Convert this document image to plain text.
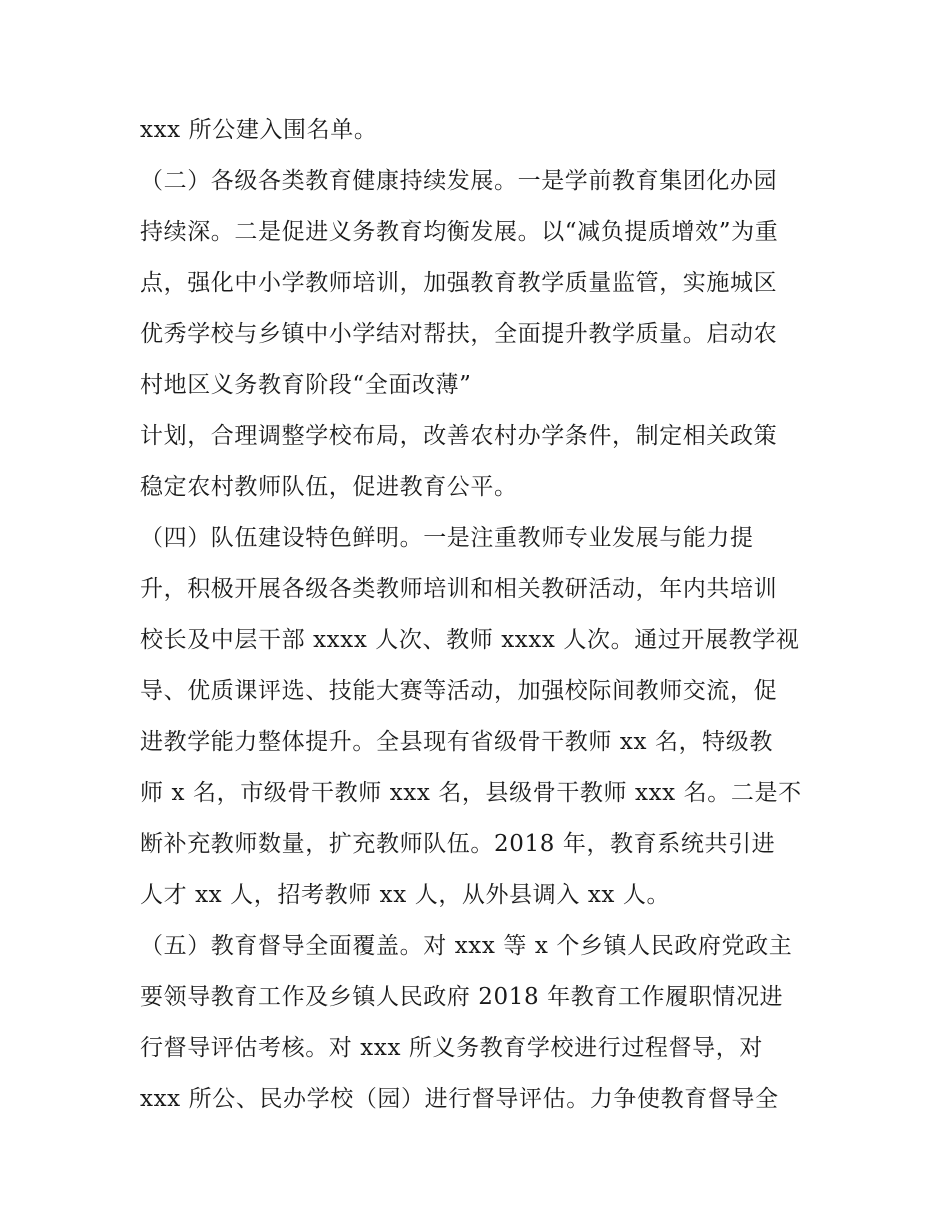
xxx 所公建入围名单。
（二）各级各类教育健康持续发展。一是学前教育集团化办园
持续深。二是促进义务教育均衡发展。以“减负提质增效”为重
点，强化中小学教师培训，加强教育教学质量监管，实施城区
优秀学校与乡镇中小学结对帮扶，全面提升教学质量。启动农
村地区义务教育阶段“全面改薄”
计划，合理调整学校布局，改善农村办学条件，制定相关政策
稳定农村教师队伍，促进教育公平。
（四）队伍建设特色鲜明。一是注重教师专业发展与能力提
升，积极开展各级各类教师培训和相关教研活动，年内共培训
校长及中层干部 xxxx 人次、教师 xxxx 人次。通过开展教学视
导、优质课评选、技能大赛等活动，加强校际间教师交流，促
进教学能力整体提升。全县现有省级骨干教师 xx 名，特级教
师 x 名，市级骨干教师 xxx 名，县级骨干教师 xxx 名。二是不
断补充教师数量，扩充教师队伍。2018 年，教育系统共引进
人才 xx 人，招考教师 xx 人，从外县调入 xx 人。
（五）教育督导全面覆盖。对 xxx 等 x 个乡镇人民政府党政主
要领导教育工作及乡镇人民政府 2018 年教育工作履职情况进
行督导评估考核。对 xxx 所义务教育学校进行过程督导，对
xxx 所公、民办学校（园）进行督导评估。力争使教育督导全
